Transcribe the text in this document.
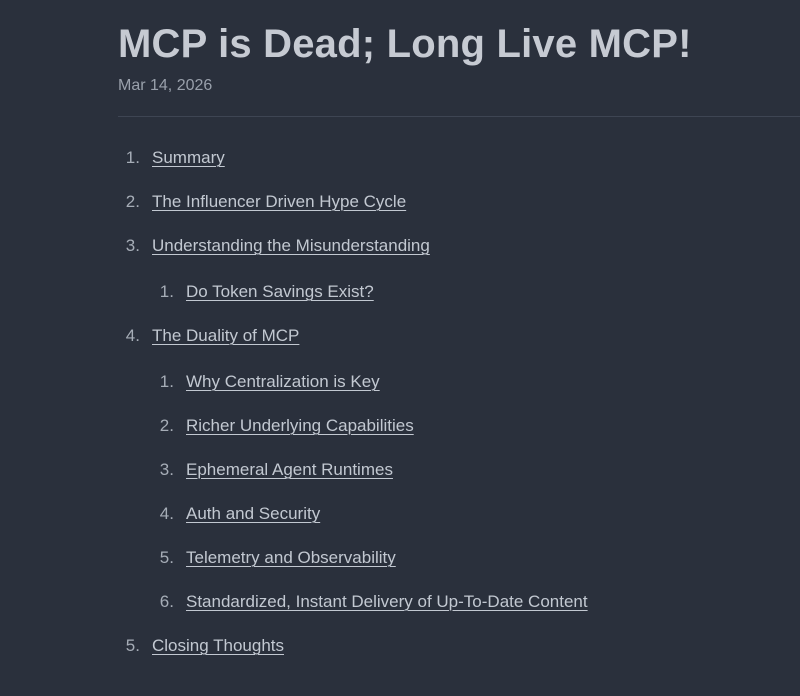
MCP is Dead; Long Live MCP!
Mar 14, 2026
Summary
The Influencer Driven Hype Cycle
Understanding the Misunderstanding
Do Token Savings Exist?
The Duality of MCP
Why Centralization is Key
Richer Underlying Capabilities
Ephemeral Agent Runtimes
Auth and Security
Telemetry and Observability
Standardized, Instant Delivery of Up-To-Date Content
Closing Thoughts
